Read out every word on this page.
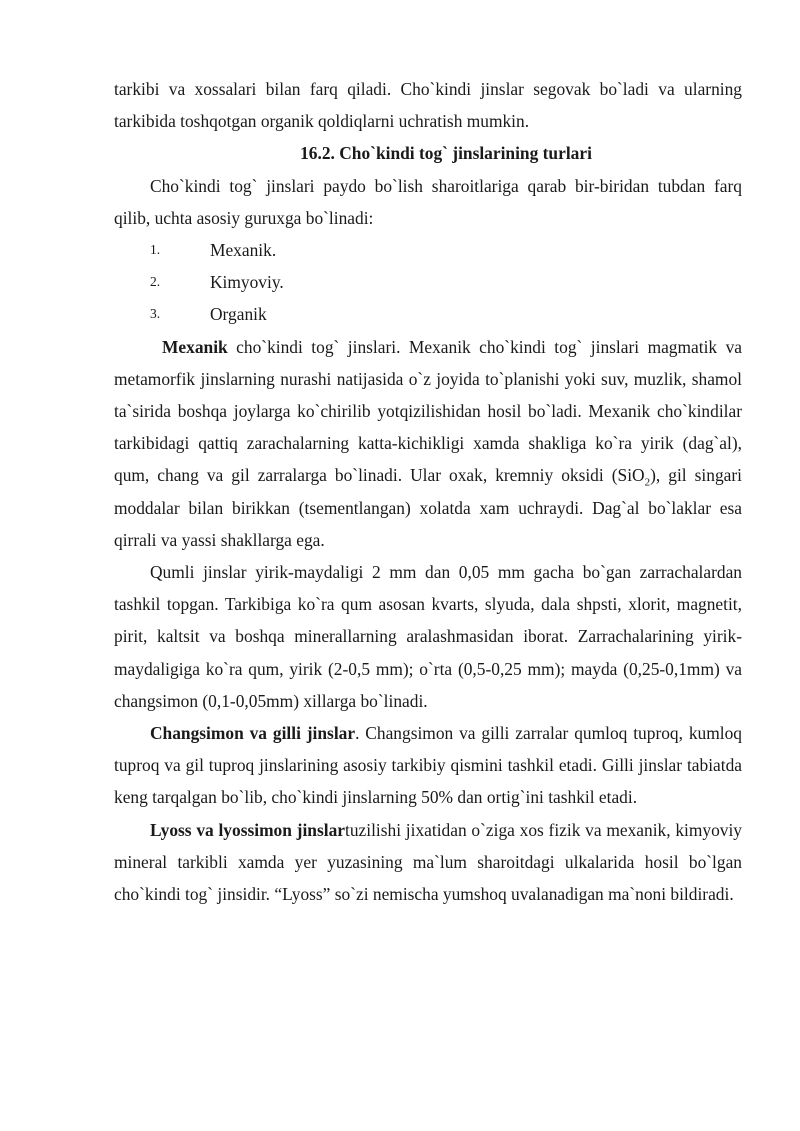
tarkibi va xossalari bilan farq qiladi. Cho`kindi jinslar segovak bo`ladi va ularning tarkibida toshqotgan organik qoldiqlarni uchratish mumkin.

16.2. Cho`kindi tog` jinslarining turlari

Cho`kindi tog` jinslari paydo bo`lish sharoitlariga qarab bir-biridan tubdan farq qilib, uchta asosiy guruxga bo`linadi:

1.	Mexanik.
2.	Kimyoviy.
3.	Organik

Mexanik cho`kindi tog` jinslari. Mexanik cho`kindi tog` jinslari magmatik va metamorfik jinslarning nurashi natijasida o`z joyida to`planishi yoki suv, muzlik, shamol ta`sirida boshqa joylarga ko`chirilib yotqizilishidan hosil bo`ladi. Mexanik cho`kindilar tarkibidagi qattiq zarachalarning katta-kichikligi xamda shakliga ko`ra yirik (dag`al), qum, chang va gil zarralarga bo`linadi. Ular oxak, kremniy oksidi (SiO$_2$), gil singari moddalar bilan birikkan (tsementlangan) xolatda xam uchraydi. Dag`al bo`laklar esa qirrali va yassi shakllarga ega.

Qumli jinslar yirik-maydaligi 2 mm dan 0,05 mm gacha bo`gan zarrachalardan tashkil topgan. Tarkibiga ko`ra qum asosan kvarts, slyuda, dala shpsti, xlorit, magnetit, pirit, kaltsit va boshqa minerallarning aralashmasidan iborat. Zarrachalarining yirik-maydaligiga ko`ra qum, yirik (2-0,5 mm); o`rta (0,5-0,25 mm); mayda (0,25-0,1mm) va changsimon (0,1-0,05mm) xillarga bo`linadi.

Changsimon va gilli jinslar. Changsimon va gilli zarralar qumloq tuproq, kumloq tuproq va gil tuproq jinslarining asosiy tarkibiy qismini tashkil etadi. Gilli jinslar tabiatda keng tarqalgan bo`lib, cho`kindi jinslarning 50% dan ortig`ini tashkil etadi.

Lyoss va lyossimon jinslartuzilishi jixatidan o`ziga xos fizik va mexanik, kimyoviy mineral tarkibli xamda yer yuzasining ma`lum sharoitdagi ulkalarida hosil bo`lgan cho`kindi tog` jinsidir. “Lyoss” so`zi nemischa yumshoq uvalanadigan ma`noni bildiradi.
